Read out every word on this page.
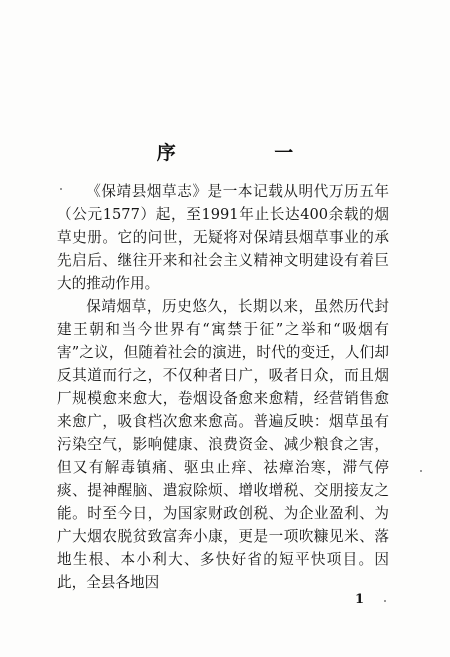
序 一

《保靖县烟草志》是一本记载从明代万历五年（公元1577）起，至1991年止长达400余载的烟草史册。它的问世，无疑将对保靖县烟草事业的承先启后、继往开来和社会主义精神文明建设有着巨大的推动作用。

保靖烟草，历史悠久，长期以来，虽然历代封建王朝和当今世界有“寓禁于征”之举和“吸烟有害”之议，但随着社会的演进，时代的变迁，人们却反其道而行之，不仅种者日广，吸者日众，而且烟厂规模愈来愈大，卷烟设备愈来愈精，经营销售愈来愈广，吸食档次愈来愈高。普遍反映：烟草虽有污染空气，影响健康、浪费资金、减少粮食之害，但又有解毒镇痛、驱虫止痒、祛瘴治寒，滞气停痰、提神醒脑、遣寂除烦、增收增税、交朋接友之能。时至今日，为国家财政创税、为企业盈利、为广大烟农脱贫致富奔小康，更是一项吹糠见米、落地生根、本小利大、多快好省的短平快项目。因此，全县各地因

1
